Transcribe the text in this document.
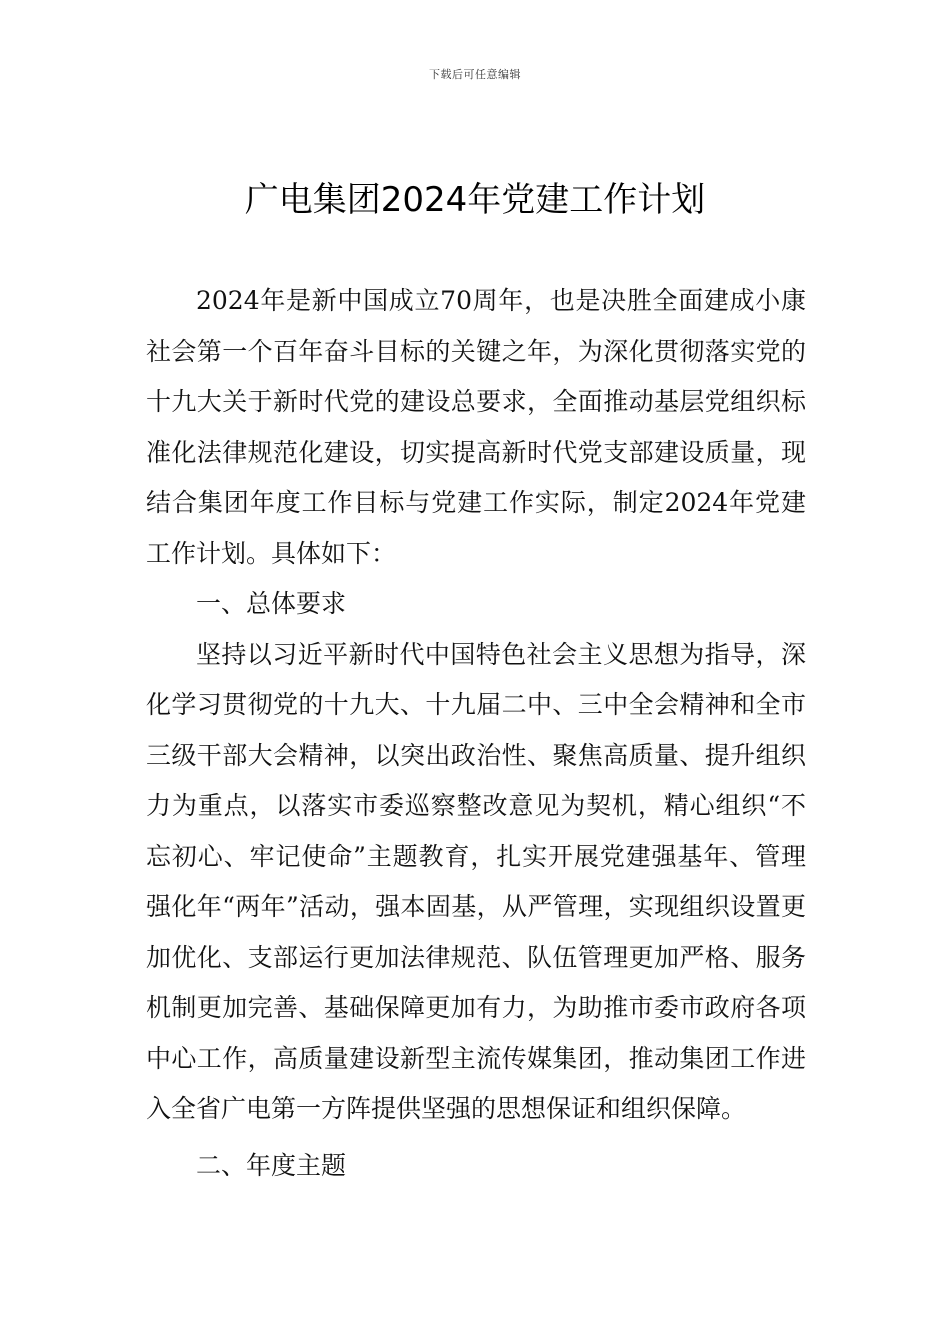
下载后可任意编辑
广电集团2024年党建工作计划

2024年是新中国成立70周年，也是决胜全面建成小康社会第一个百年奋斗目标的关键之年，为深化贯彻落实党的十九大关于新时代党的建设总要求，全面推动基层党组织标准化法律规范化建设，切实提高新时代党支部建设质量，现结合集团年度工作目标与党建工作实际，制定2024年党建工作计划。具体如下：

一、总体要求

坚持以习近平新时代中国特色社会主义思想为指导，深化学习贯彻党的十九大、十九届二中、三中全会精神和全市三级干部大会精神，以突出政治性、聚焦高质量、提升组织力为重点，以落实市委巡察整改意见为契机，精心组织“不忘初心、牢记使命”主题教育，扎实开展党建强基年、管理强化年“两年”活动，强本固基，从严管理，实现组织设置更加优化、支部运行更加法律规范、队伍管理更加严格、服务机制更加完善、基础保障更加有力，为助推市委市政府各项中心工作，高质量建设新型主流传媒集团，推动集团工作进入全省广电第一方阵提供坚强的思想保证和组织保障。

二、年度主题
